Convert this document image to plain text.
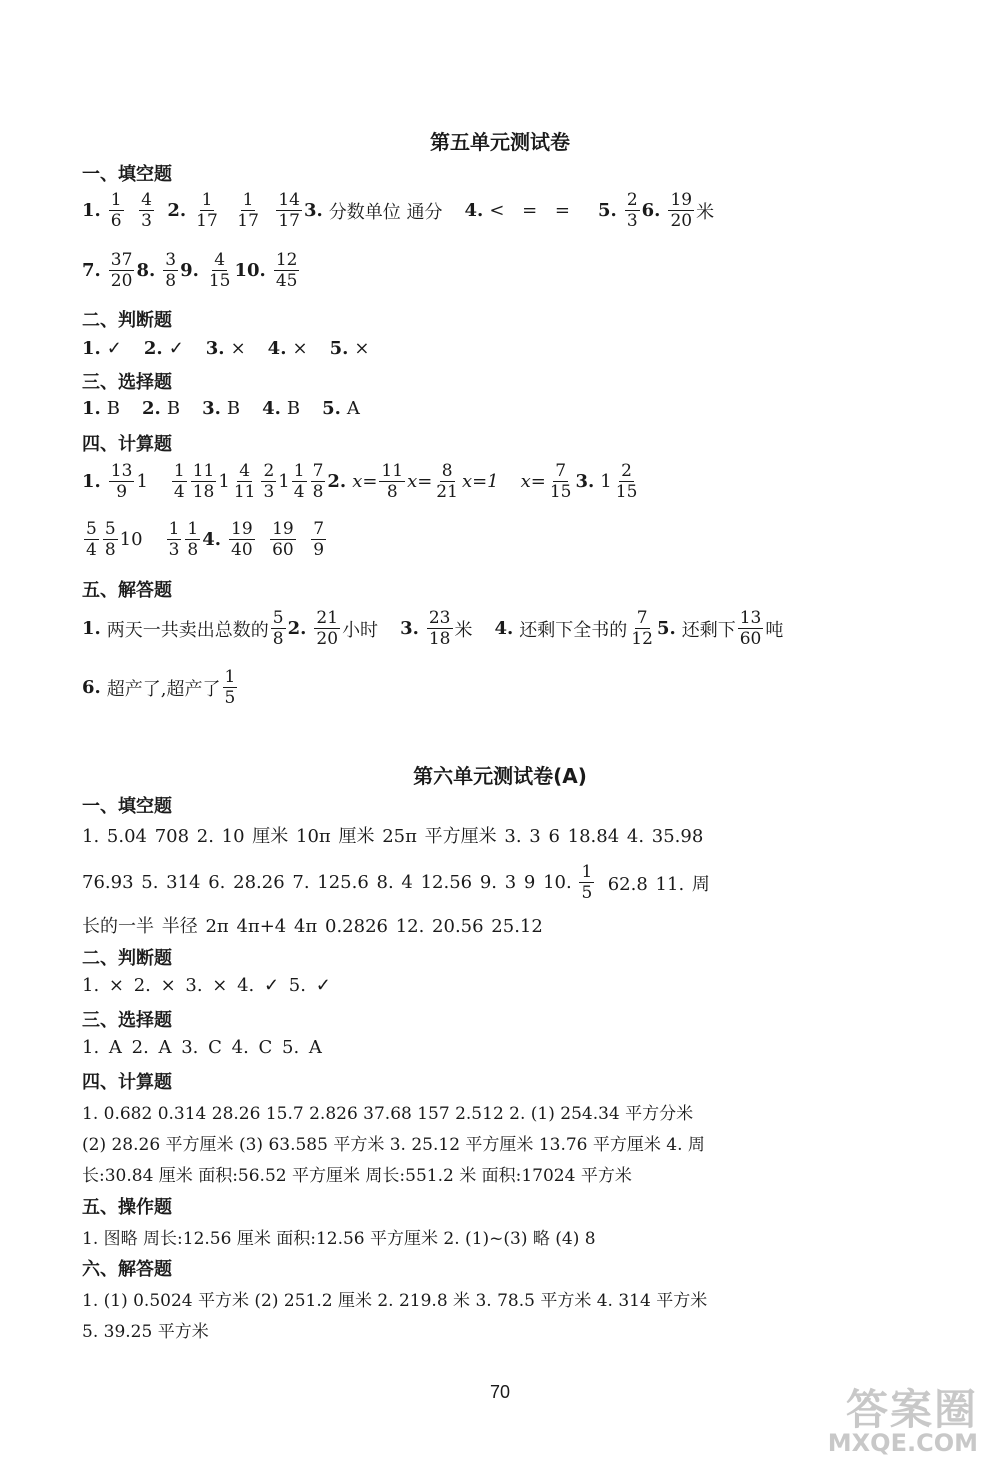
第五单元测试卷
一、填空题
1. $\frac{1}{6}$
$\frac{4}{3}$
2. $\frac{1}{17}$
$\frac{1}{17}$
$\frac{14}{17} 3$. 分数单位 通分 4. < = = 5. $\frac{2}{3} 6$. $\frac{19}{20}$ 米
7. $\frac{37}{20} 8$. $\frac{3}{8} 9$. $\frac{4}{15} 10$. $\frac{12}{45}$
二、判断题
1. ✓ 2. ✓ 3. × 4. × 5. ×
三、选择题
1. B 2. B 3. B 4. B 5. A
四、计算题
1. $\frac{13}{9} 1 \frac{1}{4} \frac{11}{18} 1 \frac{4}{11} \frac{2}{3} 1 \frac{1}{4} \frac{7}{8} 2$. $x= \frac{11}{8} x= \frac{8}{21} x=1$ $x= \frac{7}{15} 3$. $1 \frac{2}{15}$
$\frac{5}{4} \frac{5}{8} 10 \frac{1}{3} \frac{1}{8} 4$. $\frac{19}{40}$
$\frac{19}{60}$
$\frac{7}{9}$
五、解答题
1. 两天一共卖出总数的 $\frac{5}{8} 2$. $\frac{21}{20}$ 小时 3. $\frac{23}{18}$ 米 4. 还剩下全书的 $\frac{7}{12} 5$. 还剩下 $\frac{13}{60}$ 吨
6. 超产了,超产了 $\frac{1}{5}$
第六单元测试卷(A)
一、填空题
1. 5.04 708 2. 10 厘米 10π 厘米 25π 平方厘米 3. 3 6 18.84 4. 35.98
76.93 5. 314 6. 28.26 7. 125.6 8. 4 12.56 9. 3 9 10.
$\frac{1}{5}$
62.8 11. 周
长的一半 半径 2π 4π+4 4π 0.2826 12. 20.56 25.12
二、判断题
1. × 2. × 3. × 4. ✓ 5. ✓
三、选择题
1. A 2. A 3. C 4. C 5. A
四、计算题
1. 0.682 0.314 28.26 15.7 2.826 37.68 157 2.512 2. (1) 254.34 平方分米
(2) 28.26 平方厘米 (3) 63.585 平方米 3. 25.12 平方厘米 13.76 平方厘米 4. 周
长:30.84 厘米 面积:56.52 平方厘米 周长:551.2 米 面积:17024 平方米
五、操作题
1. 图略 周长:12.56 厘米 面积:12.56 平方厘米 2. (1)~(3) 略 (4) 8
六、解答题
1. (1) 0.5024 平方米 (2) 251.2 厘米 2. 219.8 米 3. 78.5 平方米 4. 314 平方米
5. 39.25 平方米
70	答案圈
MXQE.COM
